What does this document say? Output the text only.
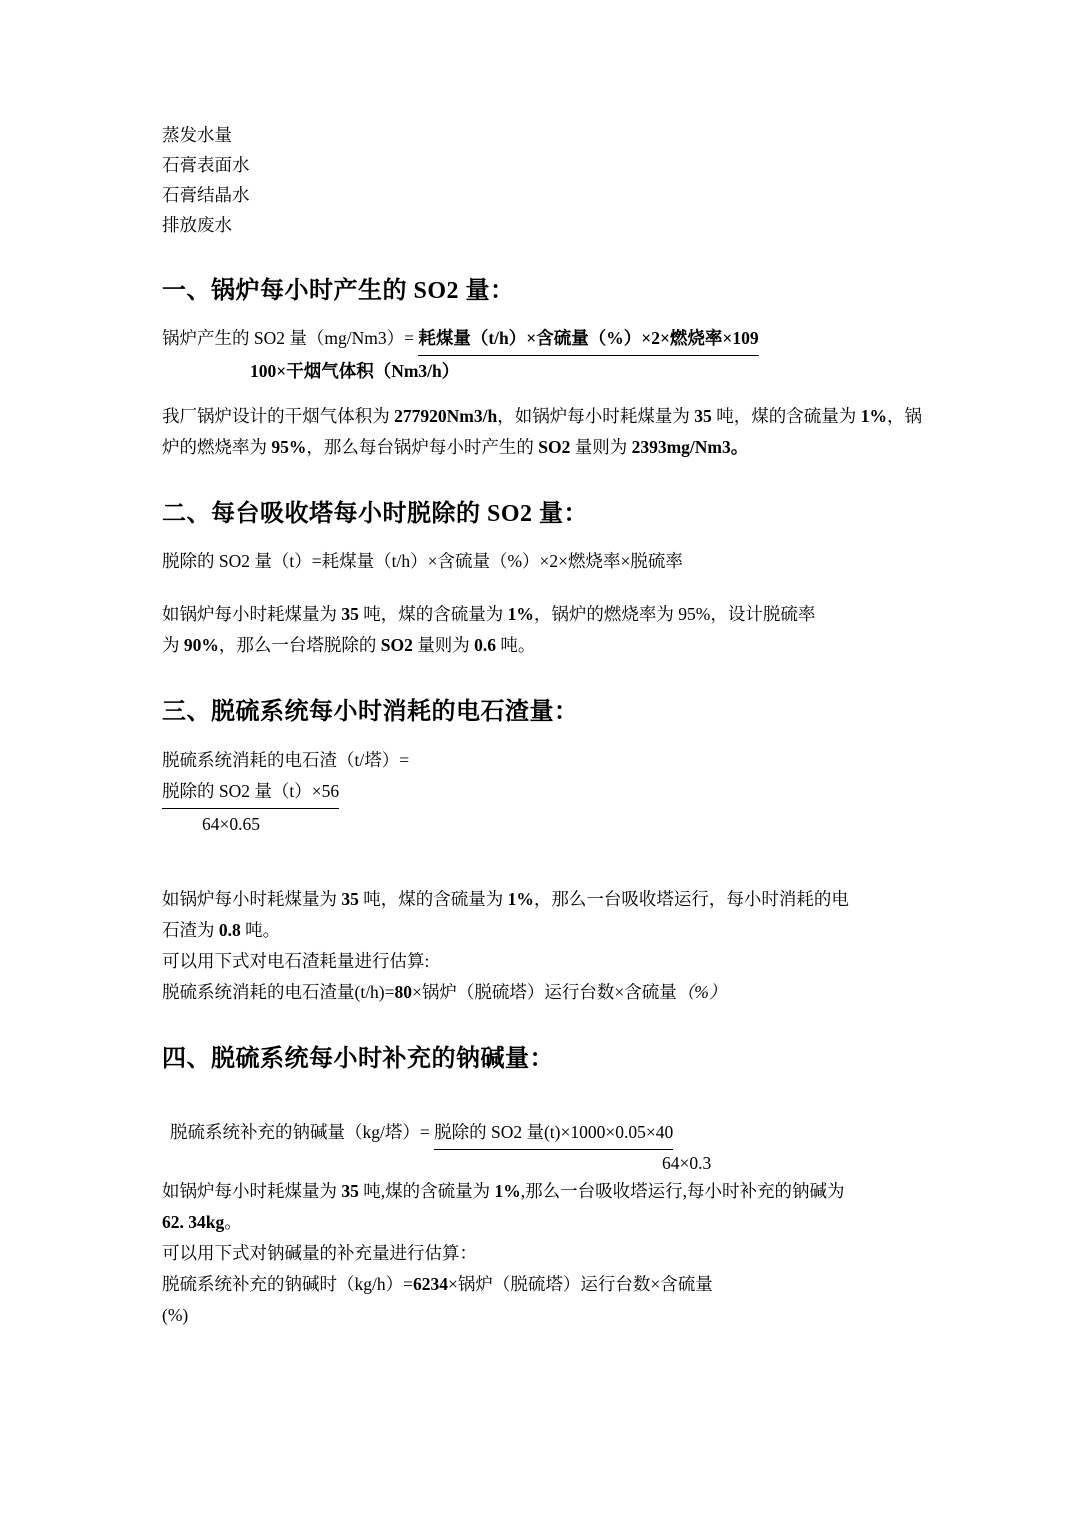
蒸发水量
石膏表面水
石膏结晶水
排放废水
一、锅炉每小时产生的 SO2 量：
锅炉产生的 SO2 量（mg/Nm3）= 耗煤量（t/h）×含硫量（%）×2×燃烧率×109
100×干烟气体积（Nm3/h）

我厂锅炉设计的干烟气体积为 277920Nm3/h，如锅炉每小时耗煤量为 35 吨，煤的含硫量为 1%，锅炉的燃烧率为 95%，那么每台锅炉每小时产生的 SO2 量则为 2393mg/Nm3。

二、每台吸收塔每小时脱除的 SO2 量：

脱除的 SO2 量（t）=耗煤量（t/h）×含硫量（%）×2×燃烧率×脱硫率

如锅炉每小时耗煤量为 35 吨，煤的含硫量为 1%，锅炉的燃烧率为 95%，设计脱硫率

为 90%，那么一台塔脱除的 SO2 量则为 0.6 吨。

三、脱硫系统每小时消耗的电石渣量：

脱硫系统消耗的电石渣（t/塔）=

脱除的 SO2 量（t）×56
64×0.65

如锅炉每小时耗煤量为 35 吨，煤的含硫量为 1%，那么一台吸收塔运行，每小时消耗的电

石渣为 0.8 吨。

可以用下式对电石渣耗量进行估算:

脱硫系统消耗的电石渣量(t/h)=80×锅炉（脱硫塔）运行台数×含硫量（%）

四、脱硫系统每小时补充的钠碱量：
脱硫系统补充的钠碱量（kg/塔）= 脱除的 SO2 量(t)×1000×0.05×40
64×0.3

如锅炉每小时耗煤量为 35 吨,煤的含硫量为 1%,那么一台吸收塔运行,每小时补充的钠碱为

62. 34kg。

可以用下式对钠碱量的补充量进行估算：

脱硫系统补充的钠碱时（kg/h）=6234×锅炉（脱硫塔）运行台数×含硫量

(%)
